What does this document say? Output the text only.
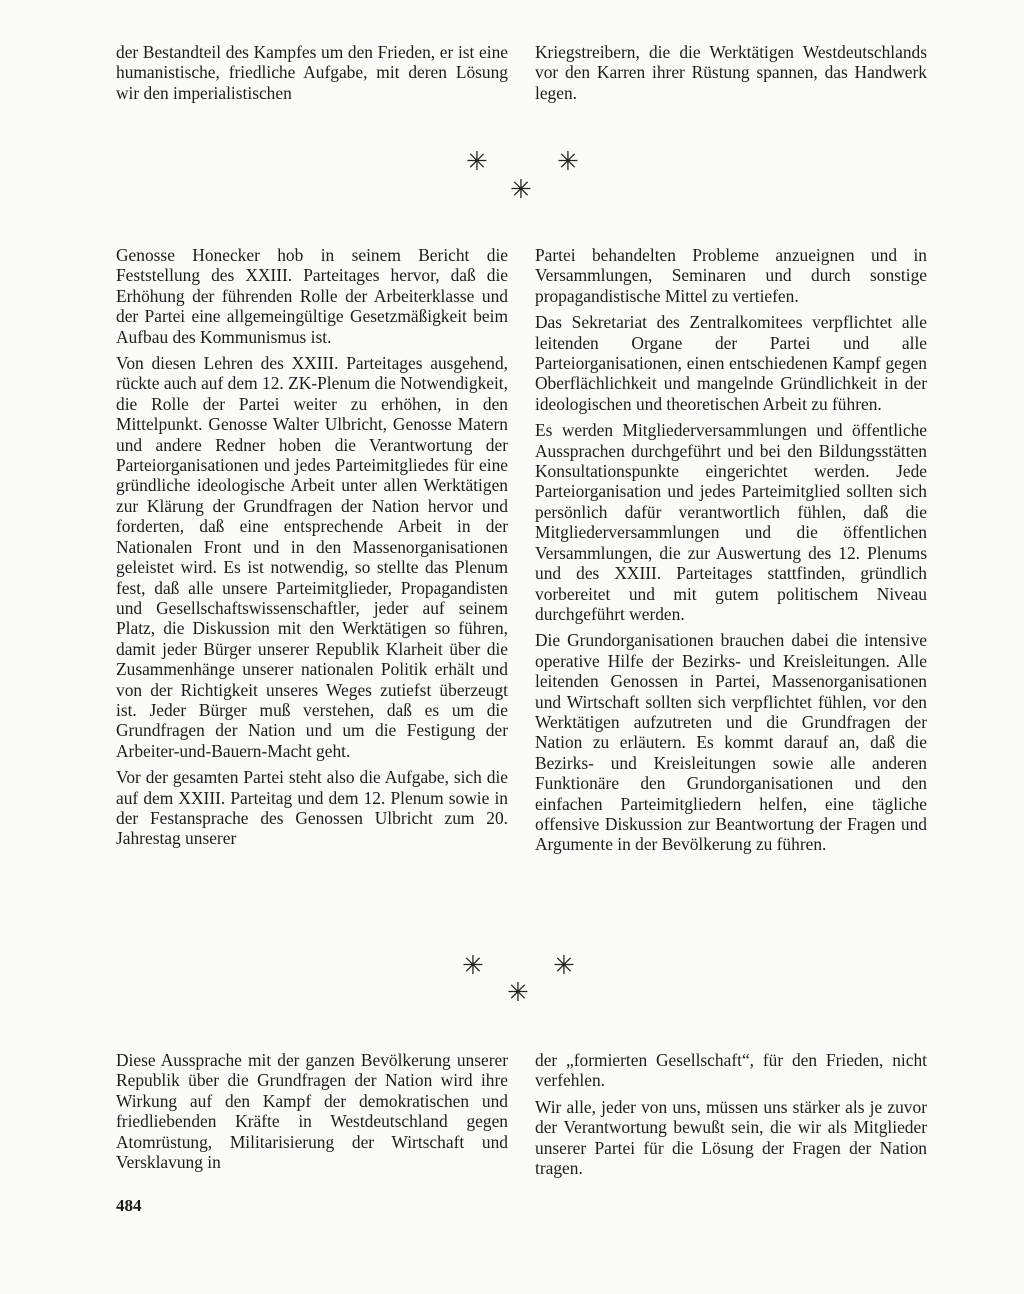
der Bestandteil des Kampfes um den Frieden, er ist eine humanistische, friedliche Aufgabe, mit deren Lösung wir den imperialistischen

Kriegstreibern, die die Werktätigen Westdeutschlands vor den Karren ihrer Rüstung spannen, das Handwerk legen.

✳	✳
✳

Genosse Honecker hob in seinem Bericht die Feststellung des XXIII. Parteitages hervor, daß die Erhöhung der führenden Rolle der Arbeiterklasse und der Partei eine allgemeingültige Gesetzmäßigkeit beim Aufbau des Kommunismus ist.

Von diesen Lehren des XXIII. Parteitages ausgehend, rückte auch auf dem 12. ZK-Plenum die Notwendigkeit, die Rolle der Partei weiter zu erhöhen, in den Mittelpunkt. Genosse Walter Ulbricht, Genosse Matern und andere Redner hoben die Verantwortung der Parteiorganisationen und jedes Parteimitgliedes für eine gründliche ideologische Arbeit unter allen Werktätigen zur Klärung der Grundfragen der Nation hervor und forderten, daß eine entsprechende Arbeit in der Nationalen Front und in den Massenorganisationen geleistet wird. Es ist notwendig, so stellte das Plenum fest, daß alle unsere Parteimitglieder, Propagandisten und Gesellschaftswissenschaftler, jeder auf seinem Platz, die Diskussion mit den Werktätigen so führen, damit jeder Bürger unserer Republik Klarheit über die Zusammenhänge unserer nationalen Politik erhält und von der Richtigkeit unseres Weges zutiefst überzeugt ist. Jeder Bürger muß verstehen, daß es um die Grundfragen der Nation und um die Festigung der Arbeiter-und-Bauern-Macht geht.

Vor der gesamten Partei steht also die Aufgabe, sich die auf dem XXIII. Parteitag und dem 12. Plenum sowie in der Festansprache des Genossen Ulbricht zum 20. Jahrestag unserer

Partei behandelten Probleme anzueignen und in Versammlungen, Seminaren und durch sonstige propagandistische Mittel zu vertiefen.

Das Sekretariat des Zentralkomitees verpflichtet alle leitenden Organe der Partei und alle Parteiorganisationen, einen entschiedenen Kampf gegen Oberflächlichkeit und mangelnde Gründlichkeit in der ideologischen und theoretischen Arbeit zu führen.

Es werden Mitgliederversammlungen und öffentliche Aussprachen durchgeführt und bei den Bildungsstätten Konsultationspunkte eingerichtet werden. Jede Parteiorganisation und jedes Parteimitglied sollten sich persönlich dafür verantwortlich fühlen, daß die Mitgliederversammlungen und die öffentlichen Versammlungen, die zur Auswertung des 12. Plenums und des XXIII. Parteitages stattfinden, gründlich vorbereitet und mit gutem politischem Niveau durchgeführt werden.

Die Grundorganisationen brauchen dabei die intensive operative Hilfe der Bezirks- und Kreisleitungen. Alle leitenden Genossen in Partei, Massenorganisationen und Wirtschaft sollten sich verpflichtet fühlen, vor den Werktätigen aufzutreten und die Grundfragen der Nation zu erläutern. Es kommt darauf an, daß die Bezirks- und Kreisleitungen sowie alle anderen Funktionäre den Grundorganisationen und den einfachen Parteimitgliedern helfen, eine tägliche offensive Diskussion zur Beantwortung der Fragen und Argumente in der Bevölkerung zu führen.

✳	✳
✳

Diese Aussprache mit der ganzen Bevölkerung unserer Republik über die Grundfragen der Nation wird ihre Wirkung auf den Kampf der demokratischen und friedliebenden Kräfte in Westdeutschland gegen Atomrüstung, Militarisierung der Wirtschaft und Versklavung in

der „formierten Gesellschaft“, für den Frieden, nicht verfehlen.

Wir alle, jeder von uns, müssen uns stärker als je zuvor der Verantwortung bewußt sein, die wir als Mitglieder unserer Partei für die Lösung der Fragen der Nation tragen.

484
